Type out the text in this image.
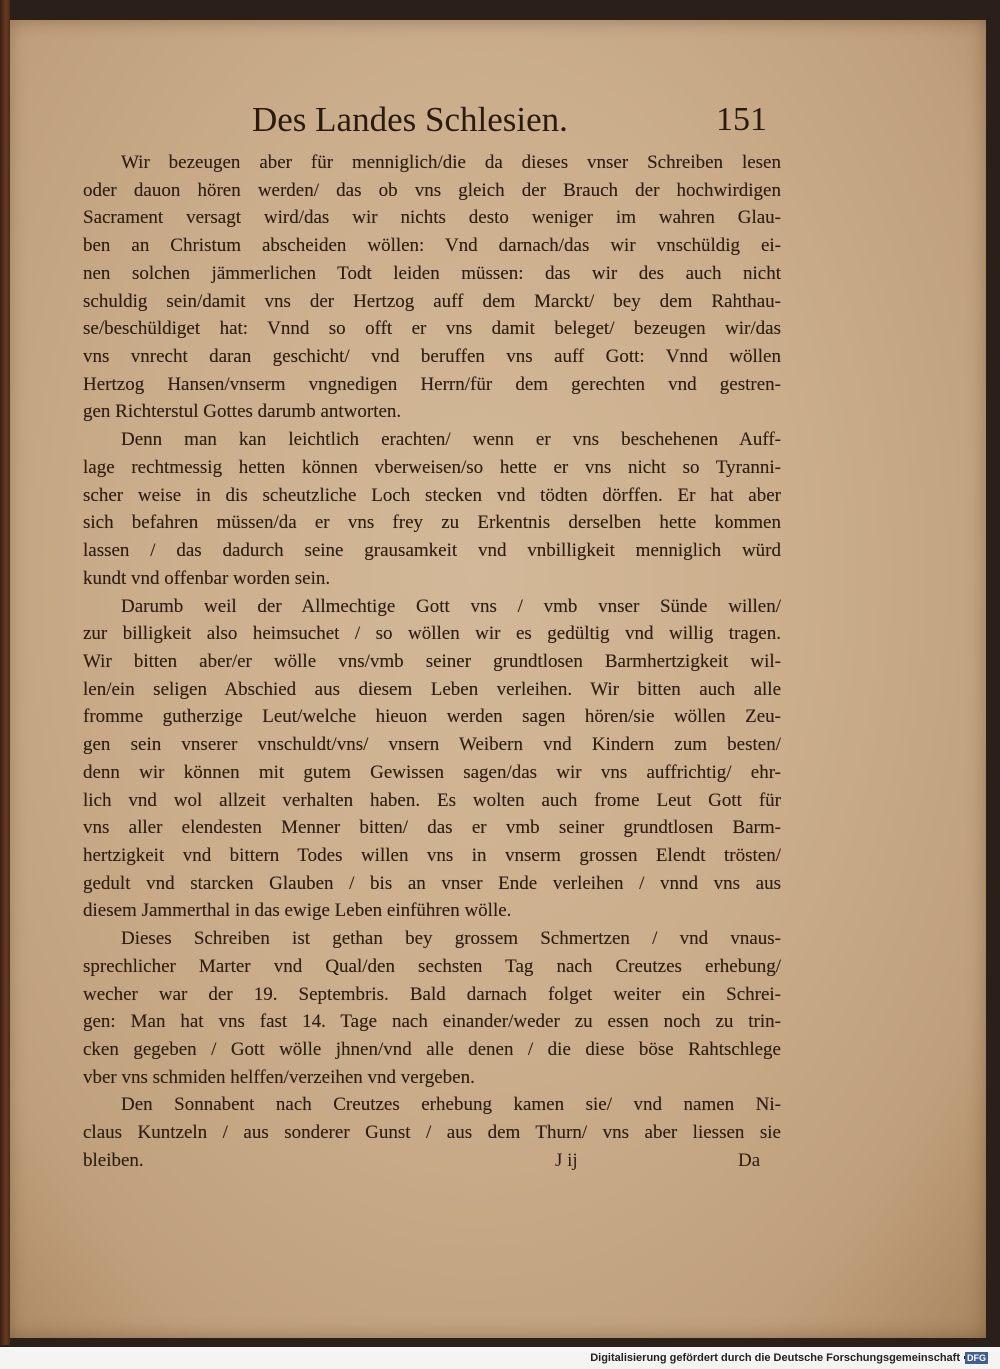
Des Landes Schlesien.	151
Wir bezeugen aber für menniglich/die da dieses vnser Schreiben lesen
oder dauon hören werden/ das ob vns gleich der Brauch der hochwirdigen
Sacrament versagt wird/das wir nichts desto weniger im wahren Glau-
ben an Christum abscheiden wöllen: Vnd darnach/das wir vnschüldig ei-
nen solchen jämmerlichen Todt leiden müssen: das wir des auch nicht
schuldig sein/damit vns der Hertzog auff dem Marckt/ bey dem Rahthau-
se/beschüldiget hat: Vnnd so offt er vns damit beleget/ bezeugen wir/das
vns vnrecht daran geschicht/ vnd beruffen vns auff Gott: Vnnd wöllen
Hertzog Hansen/vnserm vngnedigen Herrn/für dem gerechten vnd gestren-
gen Richterstul Gottes darumb antworten.
Denn man kan leichtlich erachten/ wenn er vns beschehenen Auff-
lage rechtmessig hetten können vberweisen/so hette er vns nicht so Tyranni-
scher weise in dis scheutzliche Loch stecken vnd tödten dörffen. Er hat aber
sich befahren müssen/da er vns frey zu Erkentnis derselben hette kommen
lassen / das dadurch seine grausamkeit vnd vnbilligkeit menniglich würd
kundt vnd offenbar worden sein.
Darumb weil der Allmechtige Gott vns / vmb vnser Sünde willen/
zur billigkeit also heimsuchet / so wöllen wir es gedültig vnd willig tragen.
Wir bitten aber/er wölle vns/vmb seiner grundtlosen Barmhertzigkeit wil-
len/ein seligen Abschied aus diesem Leben verleihen. Wir bitten auch alle
fromme gutherzige Leut/welche hieuon werden sagen hören/sie wöllen Zeu-
gen sein vnserer vnschuldt/vns/ vnsern Weibern vnd Kindern zum besten/
denn wir können mit gutem Gewissen sagen/das wir vns auffrichtig/ ehr-
lich vnd wol allzeit verhalten haben. Es wolten auch frome Leut Gott für
vns aller elendesten Menner bitten/ das er vmb seiner grundtlosen Barm-
hertzigkeit vnd bittern Todes willen vns in vnserm grossen Elendt trösten/
gedult vnd starcken Glauben / bis an vnser Ende verleihen / vnnd vns aus
diesem Jammerthal in das ewige Leben einführen wölle.
Dieses Schreiben ist gethan bey grossem Schmertzen / vnd vnaus-
sprechlicher Marter vnd Qual/den sechsten Tag nach Creutzes erhebung/
wecher war der 19. Septembris. Bald darnach folget weiter ein Schrei-
gen: Man hat vns fast 14. Tage nach einander/weder zu essen noch zu trin-
cken gegeben / Gott wölle jhnen/vnd alle denen / die diese böse Rahtschlege
vber vns schmiden helffen/verzeihen vnd vergeben.
Den Sonnabent nach Creutzes erhebung kamen sie/ vnd namen Ni-
claus Kuntzeln / aus sonderer Gunst / aus dem Thurn/ vns aber liessen sie
bleiben.	J ij	Da
Digitalisierung gefördert durch die Deutsche Forschungsgemeinschaft DFG
